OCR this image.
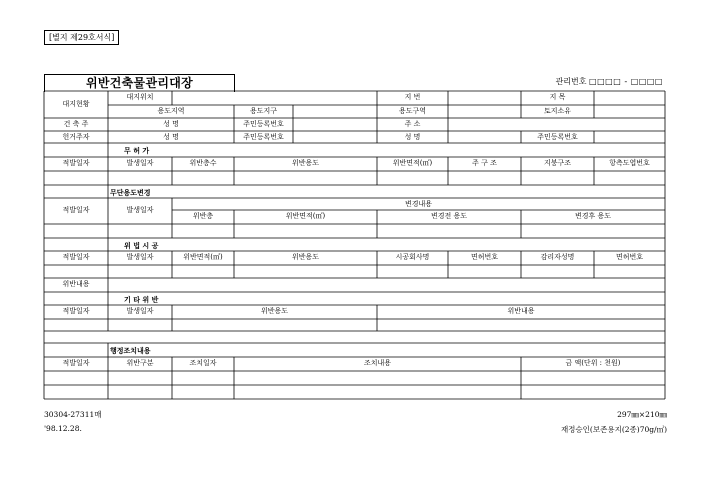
[별지 제29호서식]
위반건축물관리대장	관리번호 □□□□ - □□□□
대지현황
대지위치	지 번	지 목
용도지역	용도지구	용도구역	토지소유
건 축 주	성 명	주민등록번호	주 소
헌거주자	성 명	주민등록번호	성 명	주민등록번호
무 허 가
적발일자	발생일자	위반층수	위반용도	위반면적(㎡)	주 구 조	지붕구조	항측도엽번호
무단용도변경
적발일자	발생일자
변경내용
위반층	위반면적(㎡)	변경전 용도	변경후 용도
위 법 시 공
적발일자	발생일자	위반면적(㎡)	위반용도	시공회사명	면허번호	감리자성명	면허번호
위반내용
기 타 위 반
적발일자	발생일자	위반용도	위반내용
행정조치내용
적발일자	위반구분	조치일자	조치내용	금 액(단위 : 천원)
30304-27311매
'98.12.28.
297㎜×210㎜
재정승인(보존용지(2종)70g/㎡)
